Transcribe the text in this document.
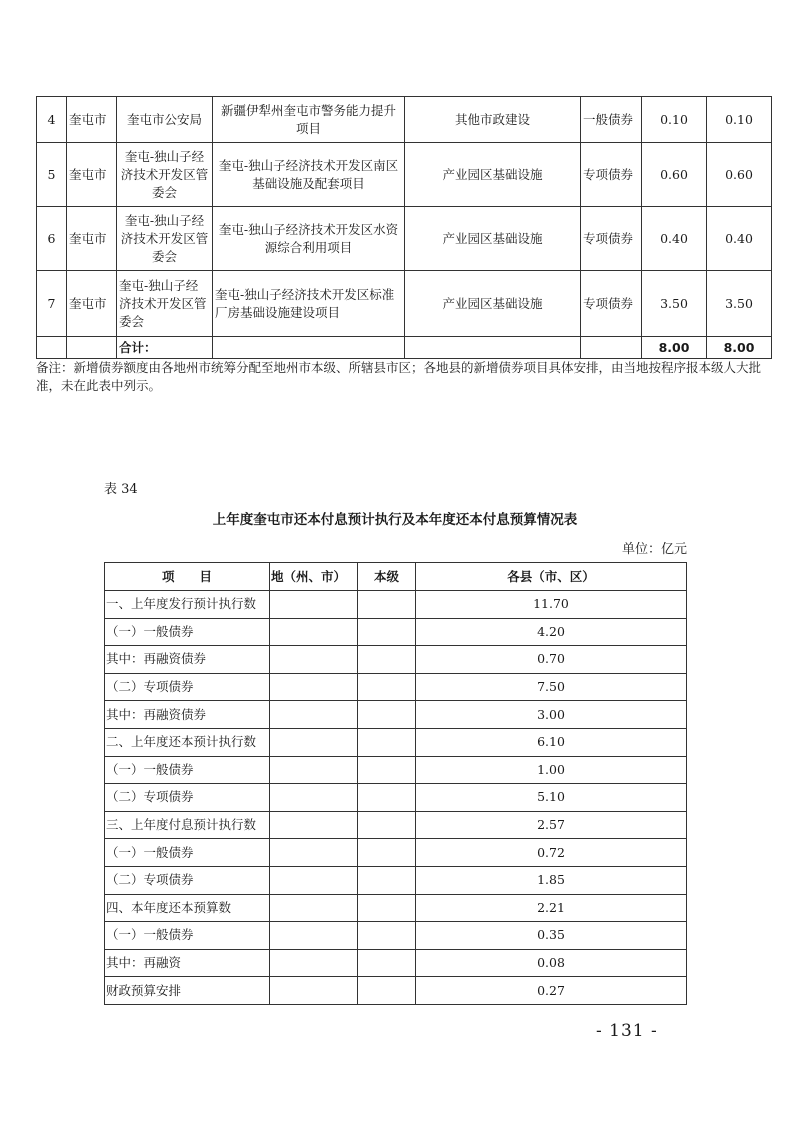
4	奎屯市	奎屯市公安局	新疆伊犁州奎屯市警务能力提升项目	其他市政建设	一般债券	0.10	0.10
5	奎屯市	奎屯-独山子经济技术开发区管委会	奎屯-独山子经济技术开发区南区基础设施及配套项目	产业园区基础设施	专项债券	0.60	0.60
6	奎屯市	奎屯-独山子经济技术开发区管委会	奎屯-独山子经济技术开发区水资源综合利用项目	产业园区基础设施	专项债券	0.40	0.40
7	奎屯市	奎屯-独山子经济技术开发区管委会	奎屯-独山子经济技术开发区标准厂房基础设施建设项目	产业园区基础设施	专项债券	3.50	3.50
		合计：				8.00	8.00
备注：新增债券额度由各地州市统筹分配至地州市本级、所辖县市区；各地县的新增债券项目具体安排，由当地按程序报本级人大批准，未在此表中列示。
表 34
上年度奎屯市还本付息预计执行及本年度还本付息预算情况表
单位：亿元
项　　目	地（州、市）	本级	各县（市、区）
一、上年度发行预计执行数			11.70
（一）一般债券			4.20
其中：再融资债券			0.70
（二）专项债券			7.50
其中：再融资债券			3.00
二、上年度还本预计执行数			6.10
（一）一般债券			1.00
（二）专项债券			5.10
三、上年度付息预计执行数			2.57
（一）一般债券			0.72
（二）专项债券			1.85
四、本年度还本预算数			2.21
（一）一般债券			0.35
其中：再融资			0.08
财政预算安排			0.27
- 131 -
